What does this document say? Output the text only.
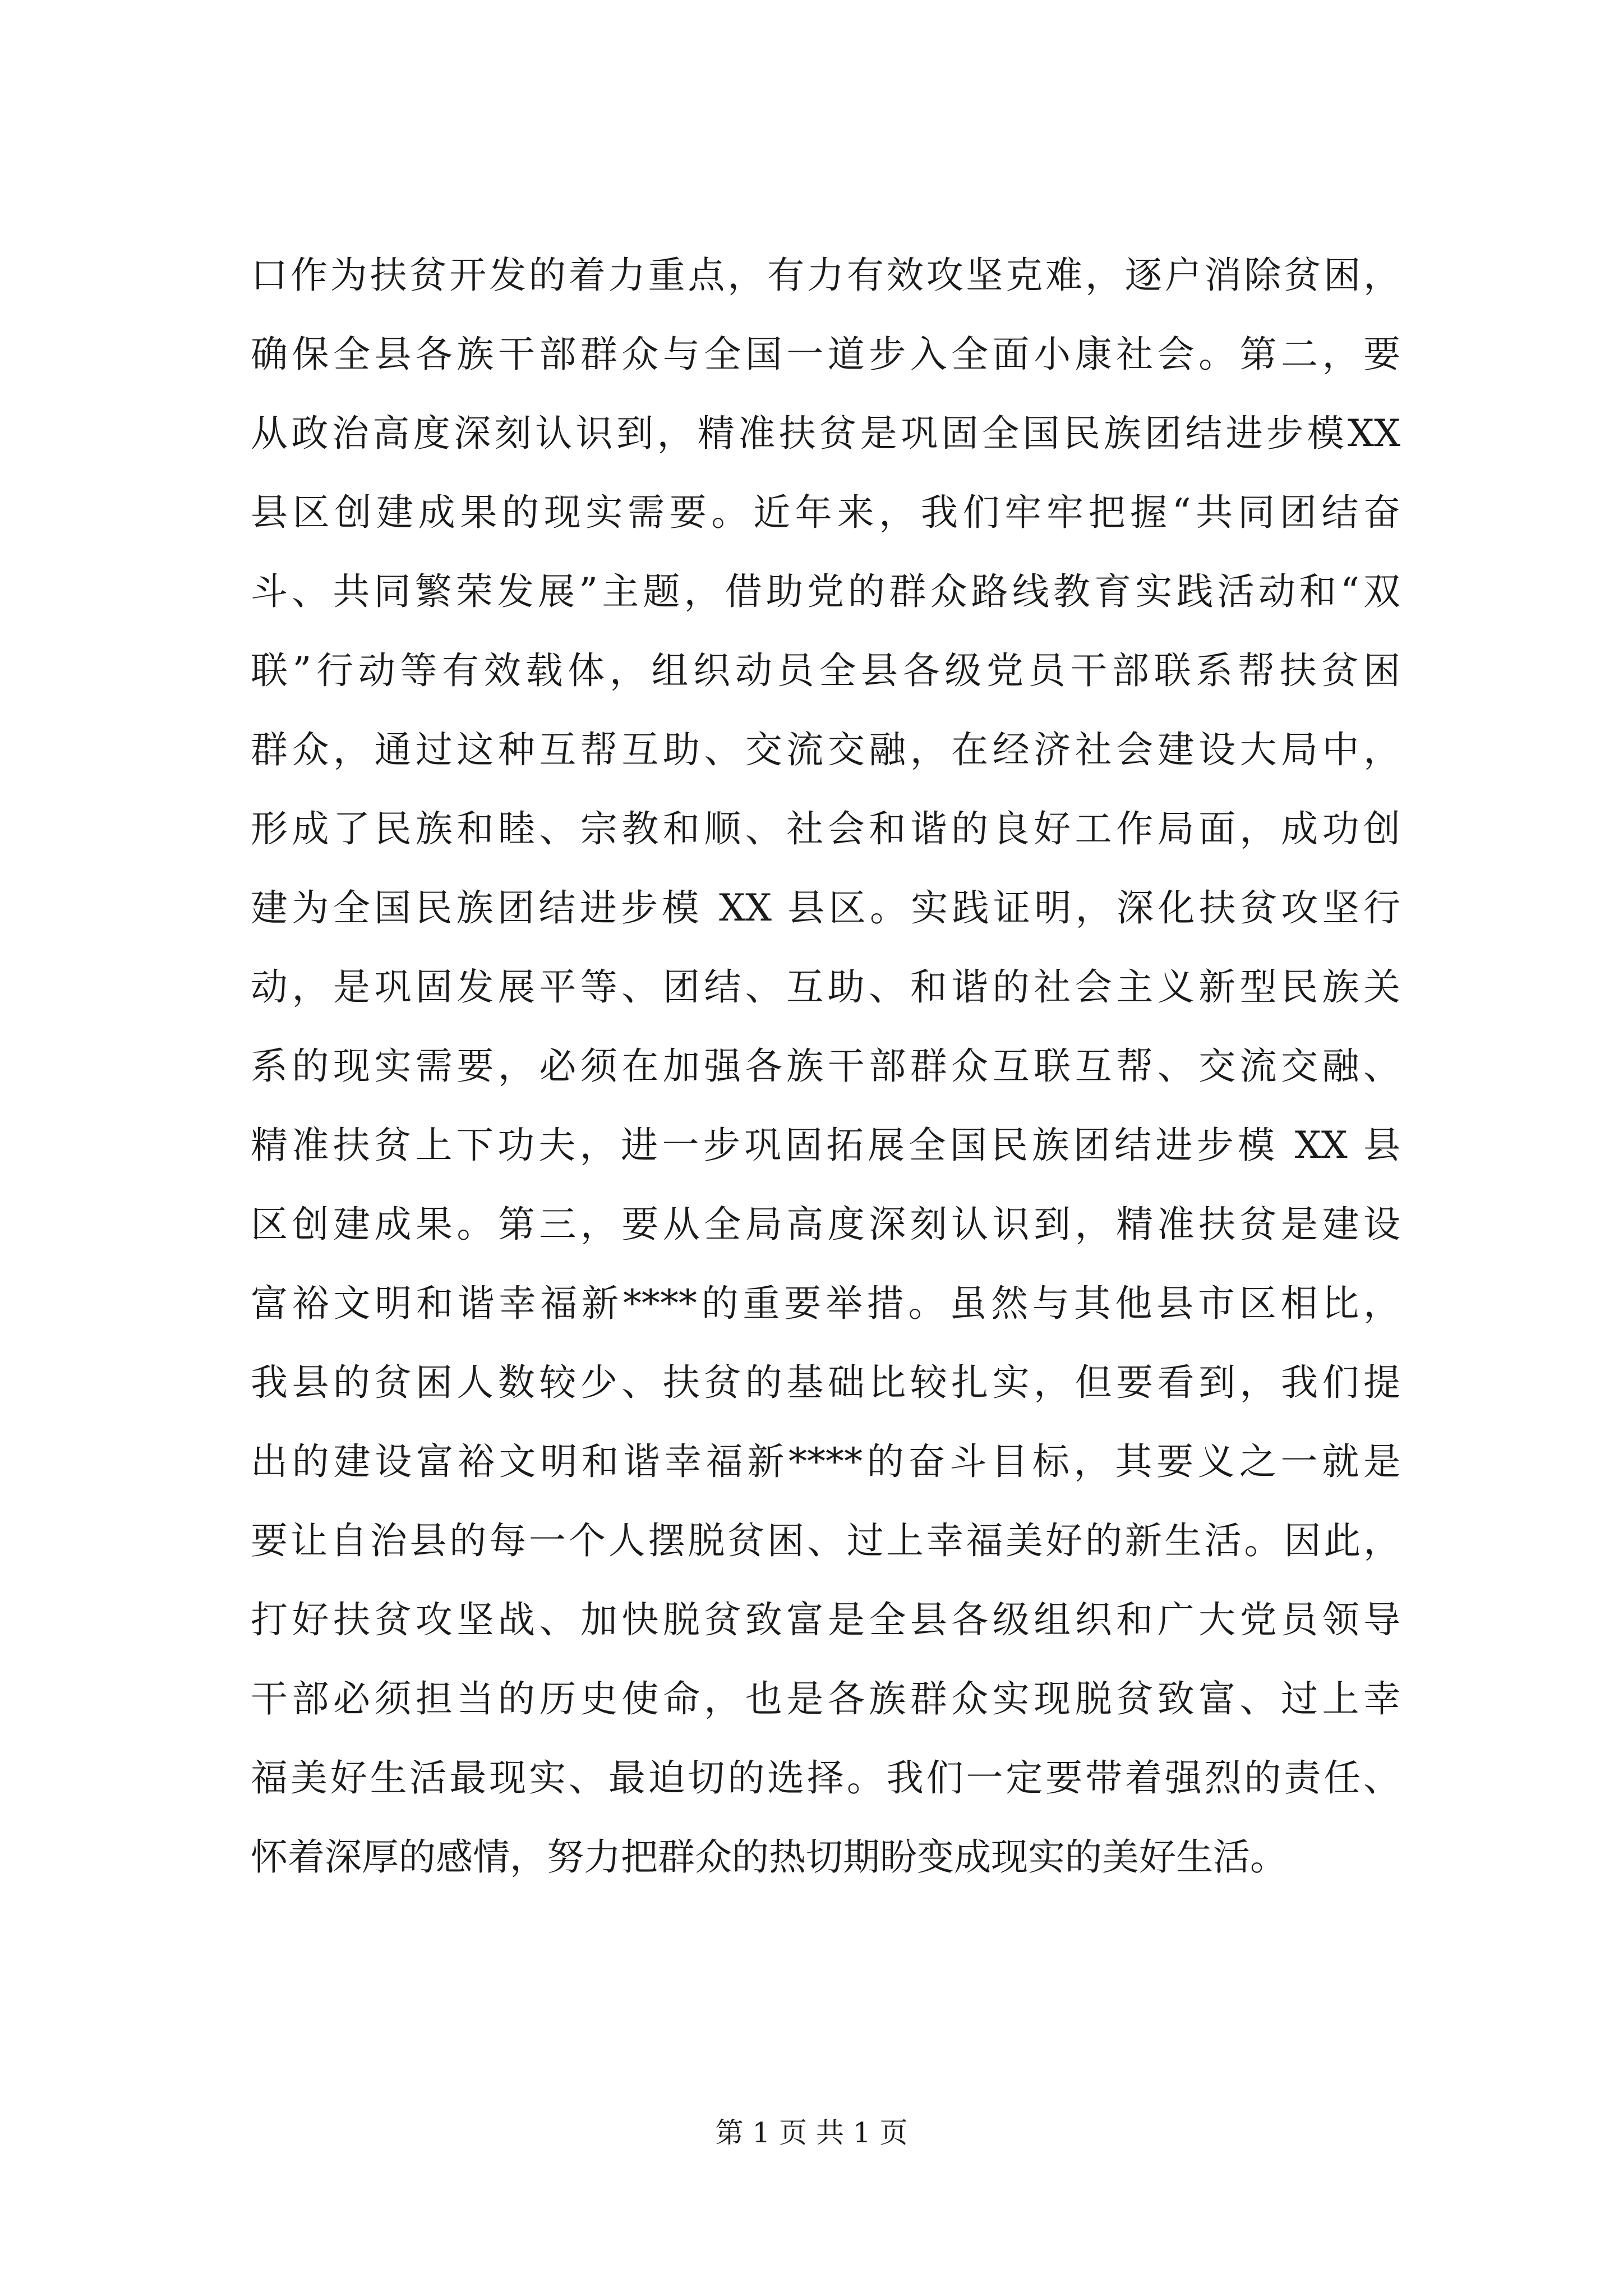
口作为扶贫开发的着力重点，有力有效攻坚克难，逐户消除贫困，
确保全县各族干部群众与全国一道步入全面小康社会。第二，要
从政治高度深刻认识到，精准扶贫是巩固全国民族团结进步模XX
县区创建成果的现实需要。近年来，我们牢牢把握“共同团结奋
斗、共同繁荣发展”主题，借助党的群众路线教育实践活动和“双
联”行动等有效载体，组织动员全县各级党员干部联系帮扶贫困
群众，通过这种互帮互助、交流交融，在经济社会建设大局中，
形成了民族和睦、宗教和顺、社会和谐的良好工作局面，成功创
建为全国民族团结进步模 XX 县区。实践证明，深化扶贫攻坚行
动，是巩固发展平等、团结、互助、和谐的社会主义新型民族关
系的现实需要，必须在加强各族干部群众互联互帮、交流交融、
精准扶贫上下功夫，进一步巩固拓展全国民族团结进步模 XX 县
区创建成果。第三，要从全局高度深刻认识到，精准扶贫是建设
富裕文明和谐幸福新****的重要举措。虽然与其他县市区相比，
我县的贫困人数较少、扶贫的基础比较扎实，但要看到，我们提
出的建设富裕文明和谐幸福新****的奋斗目标，其要义之一就是
要让自治县的每一个人摆脱贫困、过上幸福美好的新生活。因此，
打好扶贫攻坚战、加快脱贫致富是全县各级组织和广大党员领导
干部必须担当的历史使命，也是各族群众实现脱贫致富、过上幸
福美好生活最现实、最迫切的选择。我们一定要带着强烈的责任、
怀着深厚的感情，努力把群众的热切期盼变成现实的美好生活。
第 1 页 共 1 页
